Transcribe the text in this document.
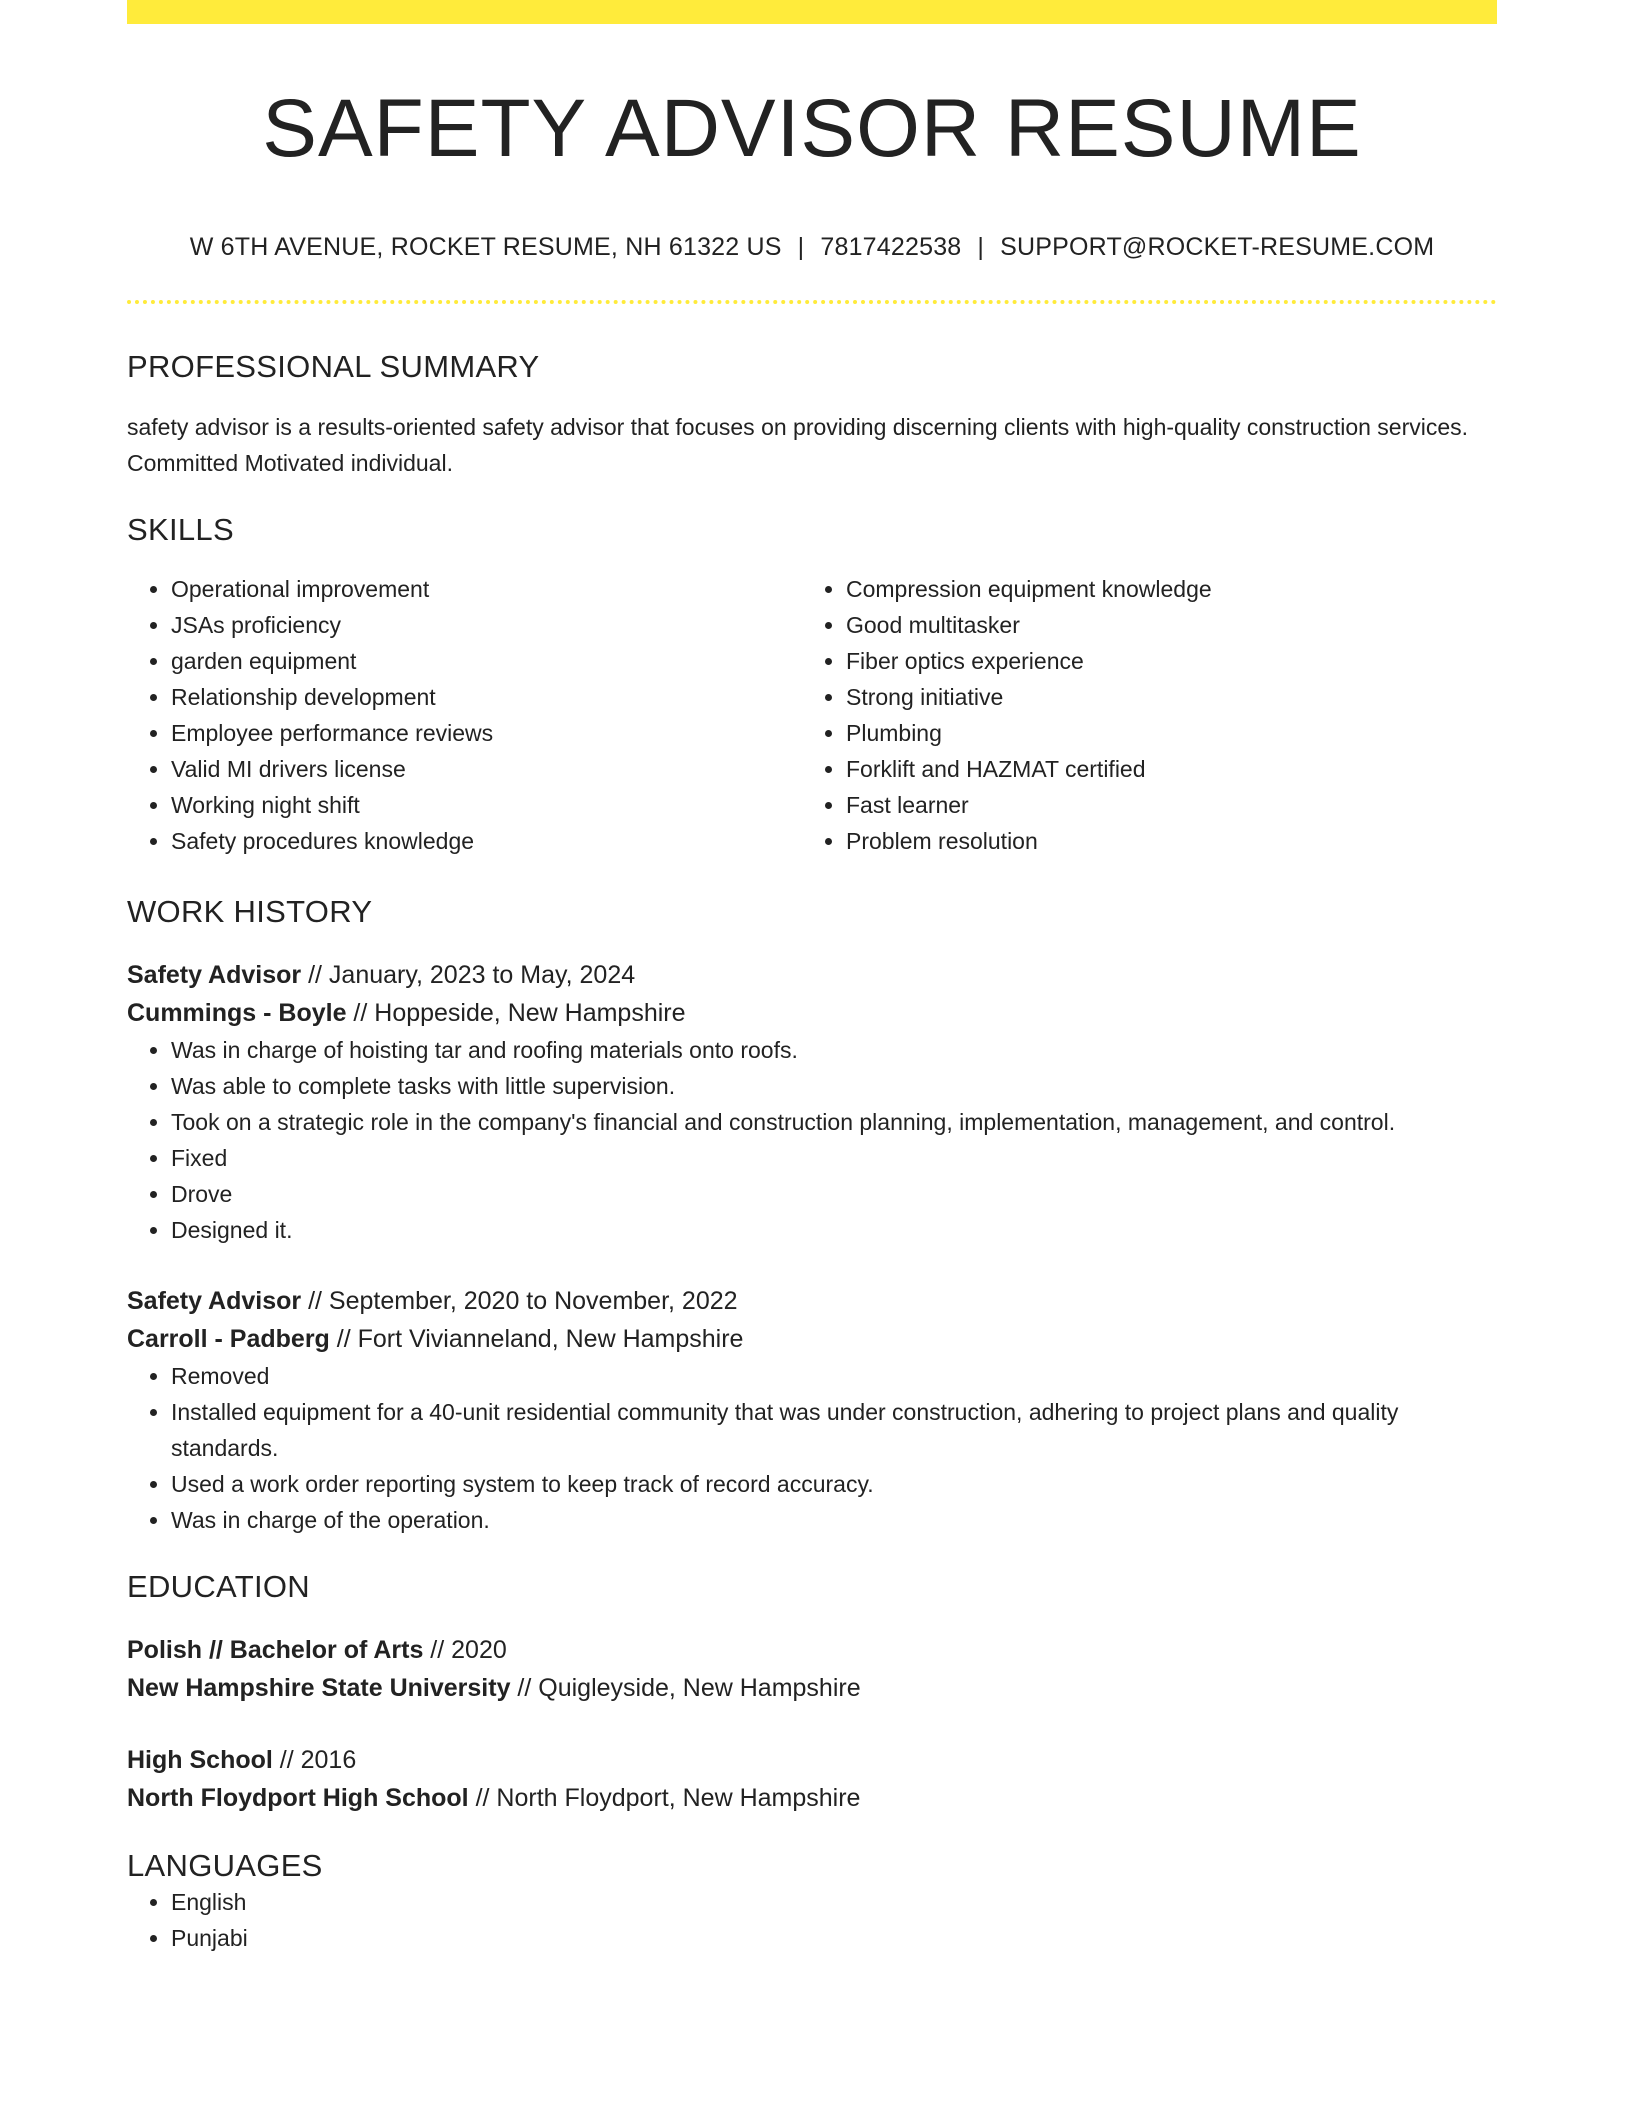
SAFETY ADVISOR RESUME
W 6TH AVENUE, ROCKET RESUME, NH 61322 US | 7817422538 | SUPPORT@ROCKET-RESUME.COM
PROFESSIONAL SUMMARY
safety advisor is a results-oriented safety advisor that focuses on providing discerning clients with high-quality construction services. Committed Motivated individual.
SKILLS
• Operational improvement
• JSAs proficiency
• garden equipment
• Relationship development
• Employee performance reviews
• Valid MI drivers license
• Working night shift
• Safety procedures knowledge
• Compression equipment knowledge
• Good multitasker
• Fiber optics experience
• Strong initiative
• Plumbing
• Forklift and HAZMAT certified
• Fast learner
• Problem resolution
WORK HISTORY
Safety Advisor // January, 2023 to May, 2024
Cummings - Boyle // Hoppeside, New Hampshire
• Was in charge of hoisting tar and roofing materials onto roofs.
• Was able to complete tasks with little supervision.
• Took on a strategic role in the company's financial and construction planning, implementation, management, and control.
• Fixed
• Drove
• Designed it.
Safety Advisor // September, 2020 to November, 2022
Carroll - Padberg // Fort Vivianneland, New Hampshire
• Removed
• Installed equipment for a 40-unit residential community that was under construction, adhering to project plans and quality standards.
• Used a work order reporting system to keep track of record accuracy.
• Was in charge of the operation.
EDUCATION
Polish // Bachelor of Arts // 2020
New Hampshire State University // Quigleyside, New Hampshire
High School // 2016
North Floydport High School // North Floydport, New Hampshire
LANGUAGES
• English
• Punjabi
